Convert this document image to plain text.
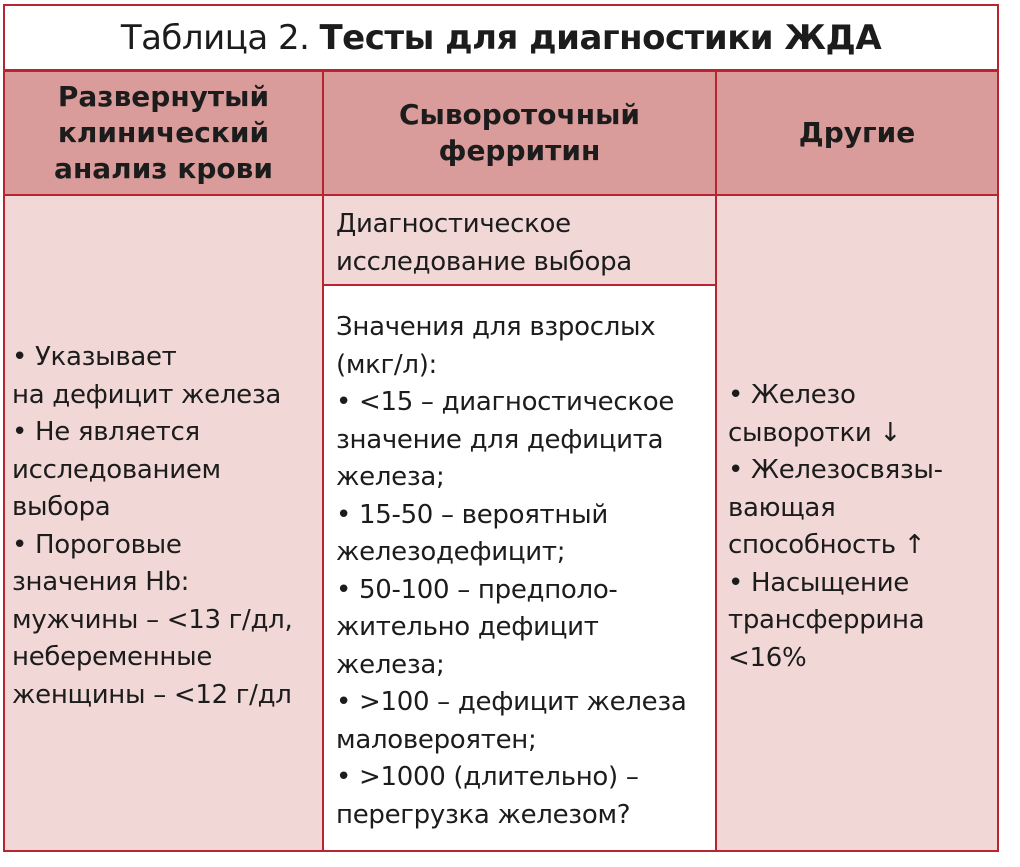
Таблица 2. Тесты для диагностики ЖДА
Развернутый
клинический
анализ крови
Сывороточный
ферритин
Другие
• Указывает
на дефицит железа
• Не является
исследованием
выбора
• Пороговые
значения Hb:
мужчины – <13 г/дл,
небеременные
женщины – <12 г/дл
Диагностическое
исследование выбора
Значения для взрослых
(мкг/л):
• <15 – диагностическое
значение для дефицита
железа;
• 15-50 – вероятный
железодефицит;
• 50-100 – предполо-
жительно дефицит
железа;
• >100 – дефицит железа
маловероятен;
• >1000 (длительно) –
перегрузка железом?
• Железо
сыворотки ↓
• Железосвязы-
вающая
способность ↑
• Насыщение
трансферрина
<16%
